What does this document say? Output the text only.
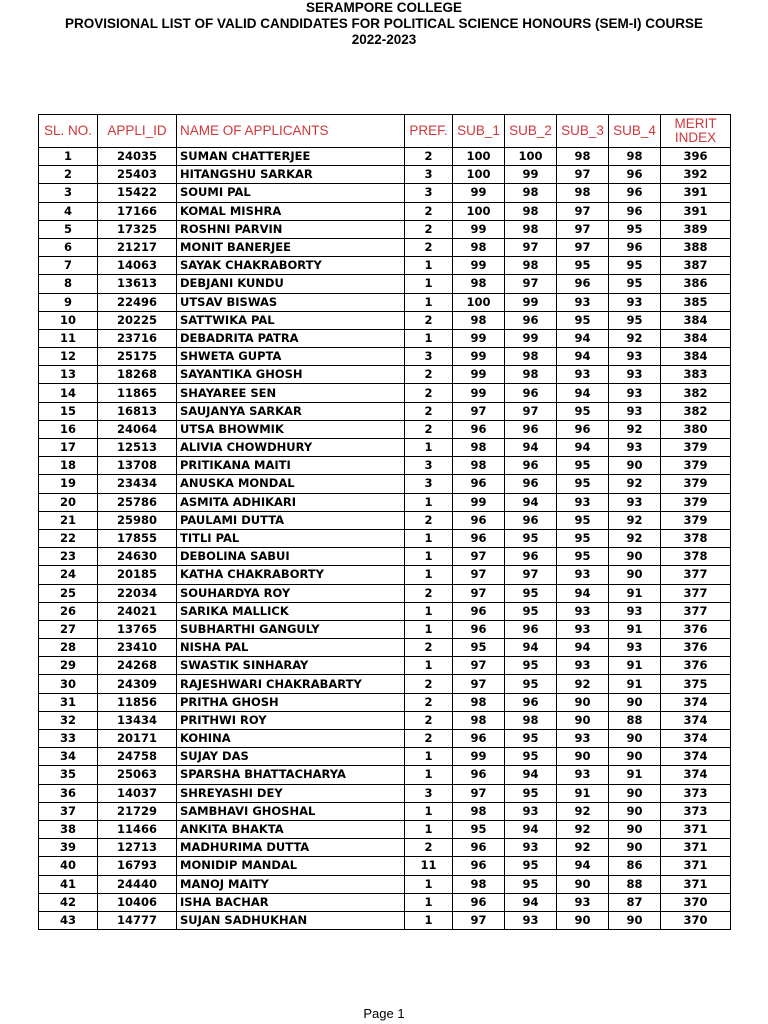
SERAMPORE COLLEGE
PROVISIONAL LIST OF VALID CANDIDATES FOR POLITICAL SCIENCE HONOURS (SEM-I) COURSE
2022-2023
SL. NO.	APPLI_ID	NAME OF APPLICANTS	PREF.	SUB_1	SUB_2	SUB_3	SUB_4	MERIT INDEX
1	24035	SUMAN CHATTERJEE	2	100	100	98	98	396
2	25403	HITANGSHU SARKAR	3	100	99	97	96	392
3	15422	SOUMI PAL	3	99	98	98	96	391
4	17166	KOMAL MISHRA	2	100	98	97	96	391
5	17325	ROSHNI PARVIN	2	99	98	97	95	389
6	21217	MONIT BANERJEE	2	98	97	97	96	388
7	14063	SAYAK CHAKRABORTY	1	99	98	95	95	387
8	13613	DEBJANI KUNDU	1	98	97	96	95	386
9	22496	UTSAV BISWAS	1	100	99	93	93	385
10	20225	SATTWIKA PAL	2	98	96	95	95	384
11	23716	DEBADRITA PATRA	1	99	99	94	92	384
12	25175	SHWETA GUPTA	3	99	98	94	93	384
13	18268	SAYANTIKA GHOSH	2	99	98	93	93	383
14	11865	SHAYAREE SEN	2	99	96	94	93	382
15	16813	SAUJANYA SARKAR	2	97	97	95	93	382
16	24064	UTSA BHOWMIK	2	96	96	96	92	380
17	12513	ALIVIA CHOWDHURY	1	98	94	94	93	379
18	13708	PRITIKANA MAITI	3	98	96	95	90	379
19	23434	ANUSKA MONDAL	3	96	96	95	92	379
20	25786	ASMITA ADHIKARI	1	99	94	93	93	379
21	25980	PAULAMI DUTTA	2	96	96	95	92	379
22	17855	TITLI PAL	1	96	95	95	92	378
23	24630	DEBOLINA SABUI	1	97	96	95	90	378
24	20185	KATHA CHAKRABORTY	1	97	97	93	90	377
25	22034	SOUHARDYA ROY	2	97	95	94	91	377
26	24021	SARIKA MALLICK	1	96	95	93	93	377
27	13765	SUBHARTHI GANGULY	1	96	96	93	91	376
28	23410	NISHA PAL	2	95	94	94	93	376
29	24268	SWASTIK SINHARAY	1	97	95	93	91	376
30	24309	RAJESHWARI CHAKRABARTY	2	97	95	92	91	375
31	11856	PRITHA GHOSH	2	98	96	90	90	374
32	13434	PRITHWI ROY	2	98	98	90	88	374
33	20171	KOHINA	2	96	95	93	90	374
34	24758	SUJAY DAS	1	99	95	90	90	374
35	25063	SPARSHA BHATTACHARYA	1	96	94	93	91	374
36	14037	SHREYASHI DEY	3	97	95	91	90	373
37	21729	SAMBHAVI GHOSHAL	1	98	93	92	90	373
38	11466	ANKITA BHAKTA	1	95	94	92	90	371
39	12713	MADHURIMA DUTTA	2	96	93	92	90	371
40	16793	MONIDIP MANDAL	11	96	95	94	86	371
41	24440	MANOJ MAITY	1	98	95	90	88	371
42	10406	ISHA BACHAR	1	96	94	93	87	370
43	14777	SUJAN SADHUKHAN	1	97	93	90	90	370
Page 1
